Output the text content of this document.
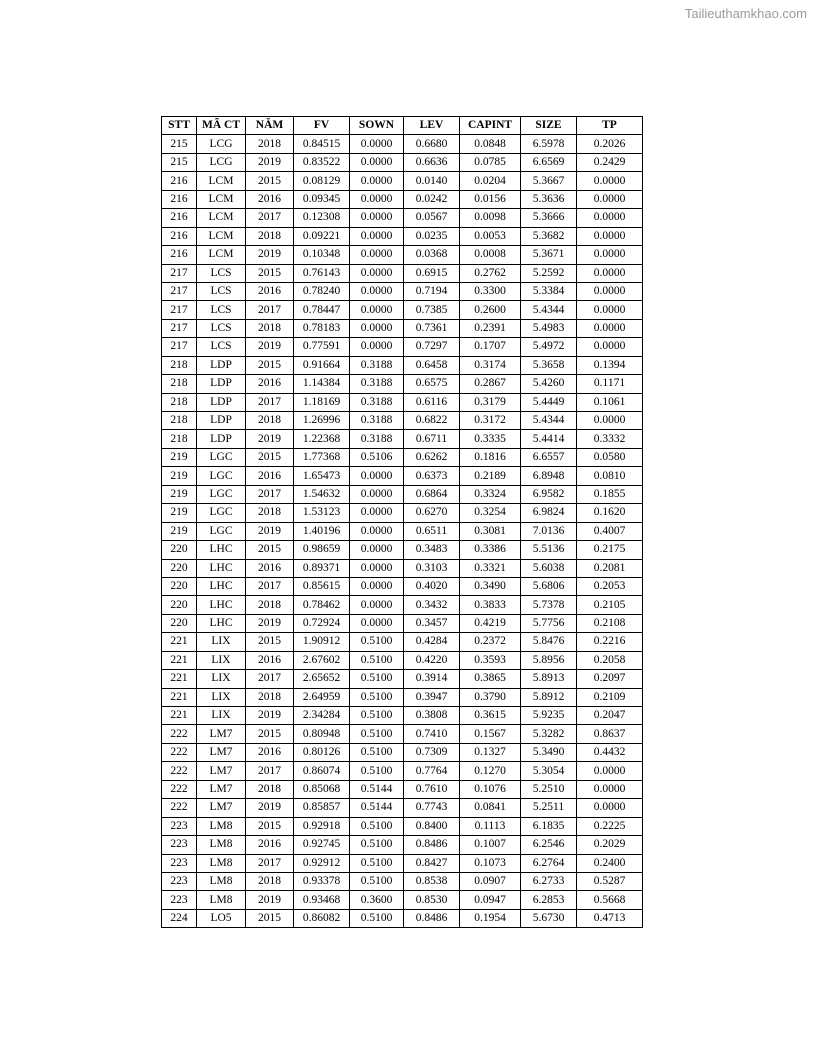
Tailieuthamkhao.com
STT	MÃ CT	NĂM	FV	SOWN	LEV	CAPINT	SIZE	TP
215	LCG	2018	0.84515	0.0000	0.6680	0.0848	6.5978	0.2026
215	LCG	2019	0.83522	0.0000	0.6636	0.0785	6.6569	0.2429
216	LCM	2015	0.08129	0.0000	0.0140	0.0204	5.3667	0.0000
216	LCM	2016	0.09345	0.0000	0.0242	0.0156	5.3636	0.0000
216	LCM	2017	0.12308	0.0000	0.0567	0.0098	5.3666	0.0000
216	LCM	2018	0.09221	0.0000	0.0235	0.0053	5.3682	0.0000
216	LCM	2019	0.10348	0.0000	0.0368	0.0008	5.3671	0.0000
217	LCS	2015	0.76143	0.0000	0.6915	0.2762	5.2592	0.0000
217	LCS	2016	0.78240	0.0000	0.7194	0.3300	5.3384	0.0000
217	LCS	2017	0.78447	0.0000	0.7385	0.2600	5.4344	0.0000
217	LCS	2018	0.78183	0.0000	0.7361	0.2391	5.4983	0.0000
217	LCS	2019	0.77591	0.0000	0.7297	0.1707	5.4972	0.0000
218	LDP	2015	0.91664	0.3188	0.6458	0.3174	5.3658	0.1394
218	LDP	2016	1.14384	0.3188	0.6575	0.2867	5.4260	0.1171
218	LDP	2017	1.18169	0.3188	0.6116	0.3179	5.4449	0.1061
218	LDP	2018	1.26996	0.3188	0.6822	0.3172	5.4344	0.0000
218	LDP	2019	1.22368	0.3188	0.6711	0.3335	5.4414	0.3332
219	LGC	2015	1.77368	0.5106	0.6262	0.1816	6.6557	0.0580
219	LGC	2016	1.65473	0.0000	0.6373	0.2189	6.8948	0.0810
219	LGC	2017	1.54632	0.0000	0.6864	0.3324	6.9582	0.1855
219	LGC	2018	1.53123	0.0000	0.6270	0.3254	6.9824	0.1620
219	LGC	2019	1.40196	0.0000	0.6511	0.3081	7.0136	0.4007
220	LHC	2015	0.98659	0.0000	0.3483	0.3386	5.5136	0.2175
220	LHC	2016	0.89371	0.0000	0.3103	0.3321	5.6038	0.2081
220	LHC	2017	0.85615	0.0000	0.4020	0.3490	5.6806	0.2053
220	LHC	2018	0.78462	0.0000	0.3432	0.3833	5.7378	0.2105
220	LHC	2019	0.72924	0.0000	0.3457	0.4219	5.7756	0.2108
221	LIX	2015	1.90912	0.5100	0.4284	0.2372	5.8476	0.2216
221	LIX	2016	2.67602	0.5100	0.4220	0.3593	5.8956	0.2058
221	LIX	2017	2.65652	0.5100	0.3914	0.3865	5.8913	0.2097
221	LIX	2018	2.64959	0.5100	0.3947	0.3790	5.8912	0.2109
221	LIX	2019	2.34284	0.5100	0.3808	0.3615	5.9235	0.2047
222	LM7	2015	0.80948	0.5100	0.7410	0.1567	5.3282	0.8637
222	LM7	2016	0.80126	0.5100	0.7309	0.1327	5.3490	0.4432
222	LM7	2017	0.86074	0.5100	0.7764	0.1270	5.3054	0.0000
222	LM7	2018	0.85068	0.5144	0.7610	0.1076	5.2510	0.0000
222	LM7	2019	0.85857	0.5144	0.7743	0.0841	5.2511	0.0000
223	LM8	2015	0.92918	0.5100	0.8400	0.1113	6.1835	0.2225
223	LM8	2016	0.92745	0.5100	0.8486	0.1007	6.2546	0.2029
223	LM8	2017	0.92912	0.5100	0.8427	0.1073	6.2764	0.2400
223	LM8	2018	0.93378	0.5100	0.8538	0.0907	6.2733	0.5287
223	LM8	2019	0.93468	0.3600	0.8530	0.0947	6.2853	0.5668
224	LO5	2015	0.86082	0.5100	0.8486	0.1954	5.6730	0.4713
